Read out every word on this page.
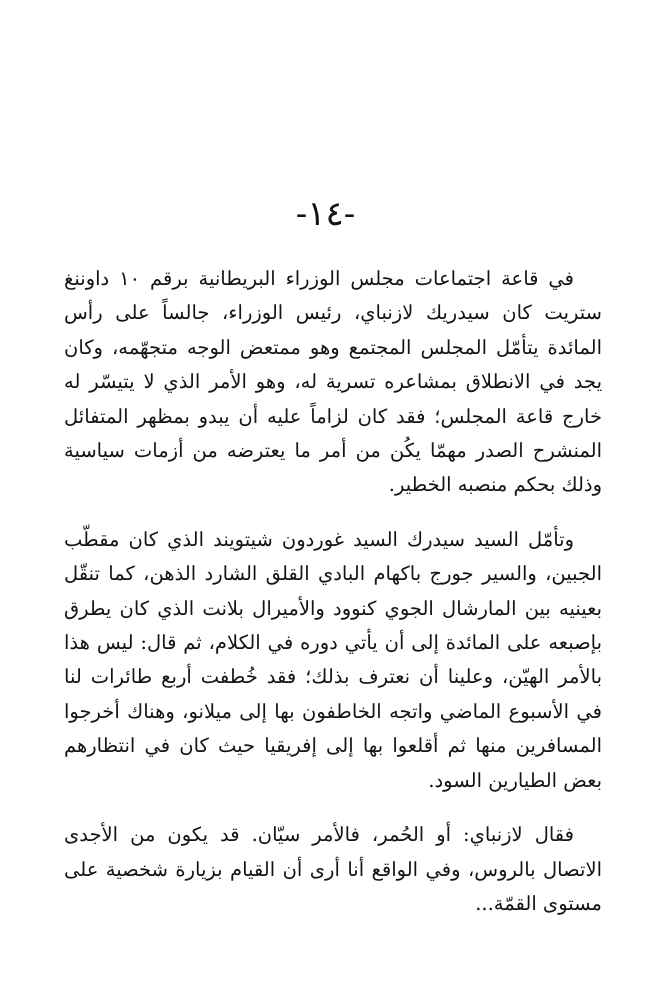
-١٤-

في قاعة اجتماعات مجلس الوزراء البريطانية برقم ١٠ داوننغ ستريت كان سيدريك لازنباي، رئيس الوزراء، جالساً على رأس المائدة يتأمّل المجلس المجتمع وهو ممتعض الوجه متجهّمه، وكان يجد في الانطلاق بمشاعره تسرية له، وهو الأمر الذي لا يتيسّر له خارج قاعة المجلس؛ فقد كان لزاماً عليه أن يبدو بمظهر المتفائل المنشرح الصدر مهمّا يكُن من أمر ما يعترضه من أزمات سياسية وذلك بحكم منصبه الخطير.

وتأمّل السيد سيدرك السيد غوردون شيتويند الذي كان مقطّب الجبين، والسير جورج باكهام البادي القلق الشارد الذهن، كما تنقّل بعينيه بين المارشال الجوي كنوود والأميرال بلانت الذي كان يطرق بإصبعه على المائدة إلى أن يأتي دوره في الكلام، ثم قال: ليس هذا بالأمر الهيّن، وعلينا أن نعترف بذلك؛ فقد خُطفت أربع طائرات لنا في الأسبوع الماضي واتجه الخاطفون بها إلى ميلانو، وهناك أخرجوا المسافرين منها ثم أقلعوا بها إلى إفريقيا حيث كان في انتظارهم بعض الطيارين السود.

فقال لازنباي: أو الحُمر، فالأمر سيّان. قد يكون من الأجدى الاتصال بالروس، وفي الواقع أنا أرى أن القيام بزيارة شخصية على مستوى القمّة...
